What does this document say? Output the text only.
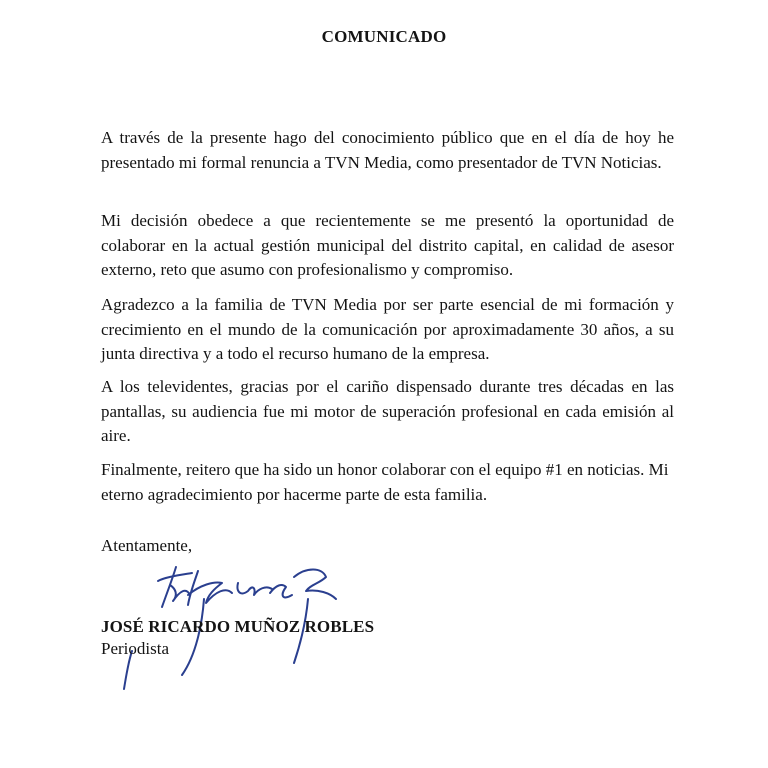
COMUNICADO

A través de la presente hago del conocimiento público que en el día de hoy he presentado mi formal renuncia a TVN Media, como presentador de TVN Noticias.

Mi decisión obedece a que recientemente se me presentó la oportunidad de colaborar en la actual gestión municipal del distrito capital, en calidad de asesor externo, reto que asumo con profesionalismo y compromiso.

Agradezco a la familia de TVN Media por ser parte esencial de mi formación y crecimiento en el mundo de la comunicación por aproximadamente 30 años, a su junta directiva y a todo el recurso humano de la empresa.

A los televidentes, gracias por el cariño dispensado durante tres décadas en las pantallas, su audiencia fue mi motor de superación profesional en cada emisión al aire.

Finalmente, reitero que ha sido un honor colaborar con el equipo #1 en noticias. Mi eterno agradecimiento por hacerme parte de esta familia.

Atentamente,
JOSÉ RICARDO MUÑOZ ROBLES
Periodista
